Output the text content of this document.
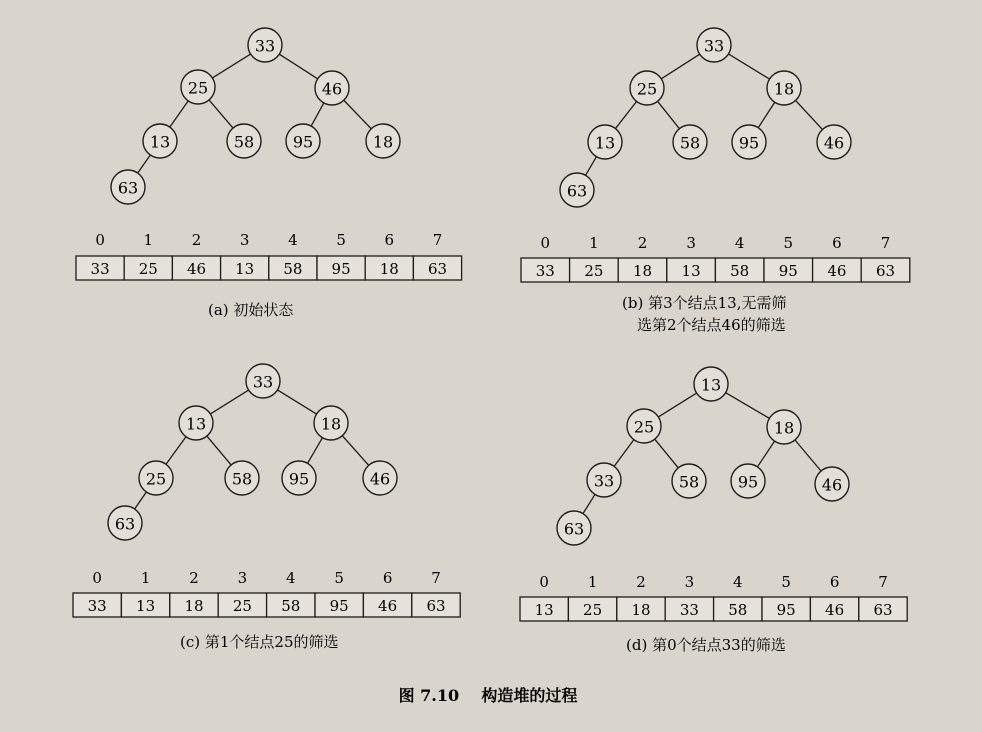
33
25	46
13	58 95	18
63
0	1	2	3	4	5	6	7
33 25 46 13 58 95 18 63
(a) 初始状态
33
25	18
13	58 95	46
63
0	1	2	3	4	5	6	7
33 25 18 13 58 95 46 63
(b) 第3个结点13,无需筛
选第2个结点46的筛选
33
13	18
25	58 95	46
63
0	1	2	3	4	5	6	7
33 13 18 25 58 95 46 63
(c) 第1个结点25的筛选
13
25	18
33	58 95	46
63
0	1	2	3	4	5	6	7
13 25 18 33 58 95 46 63
(d) 第0个结点33的筛选
图 7.10    构造堆的过程
